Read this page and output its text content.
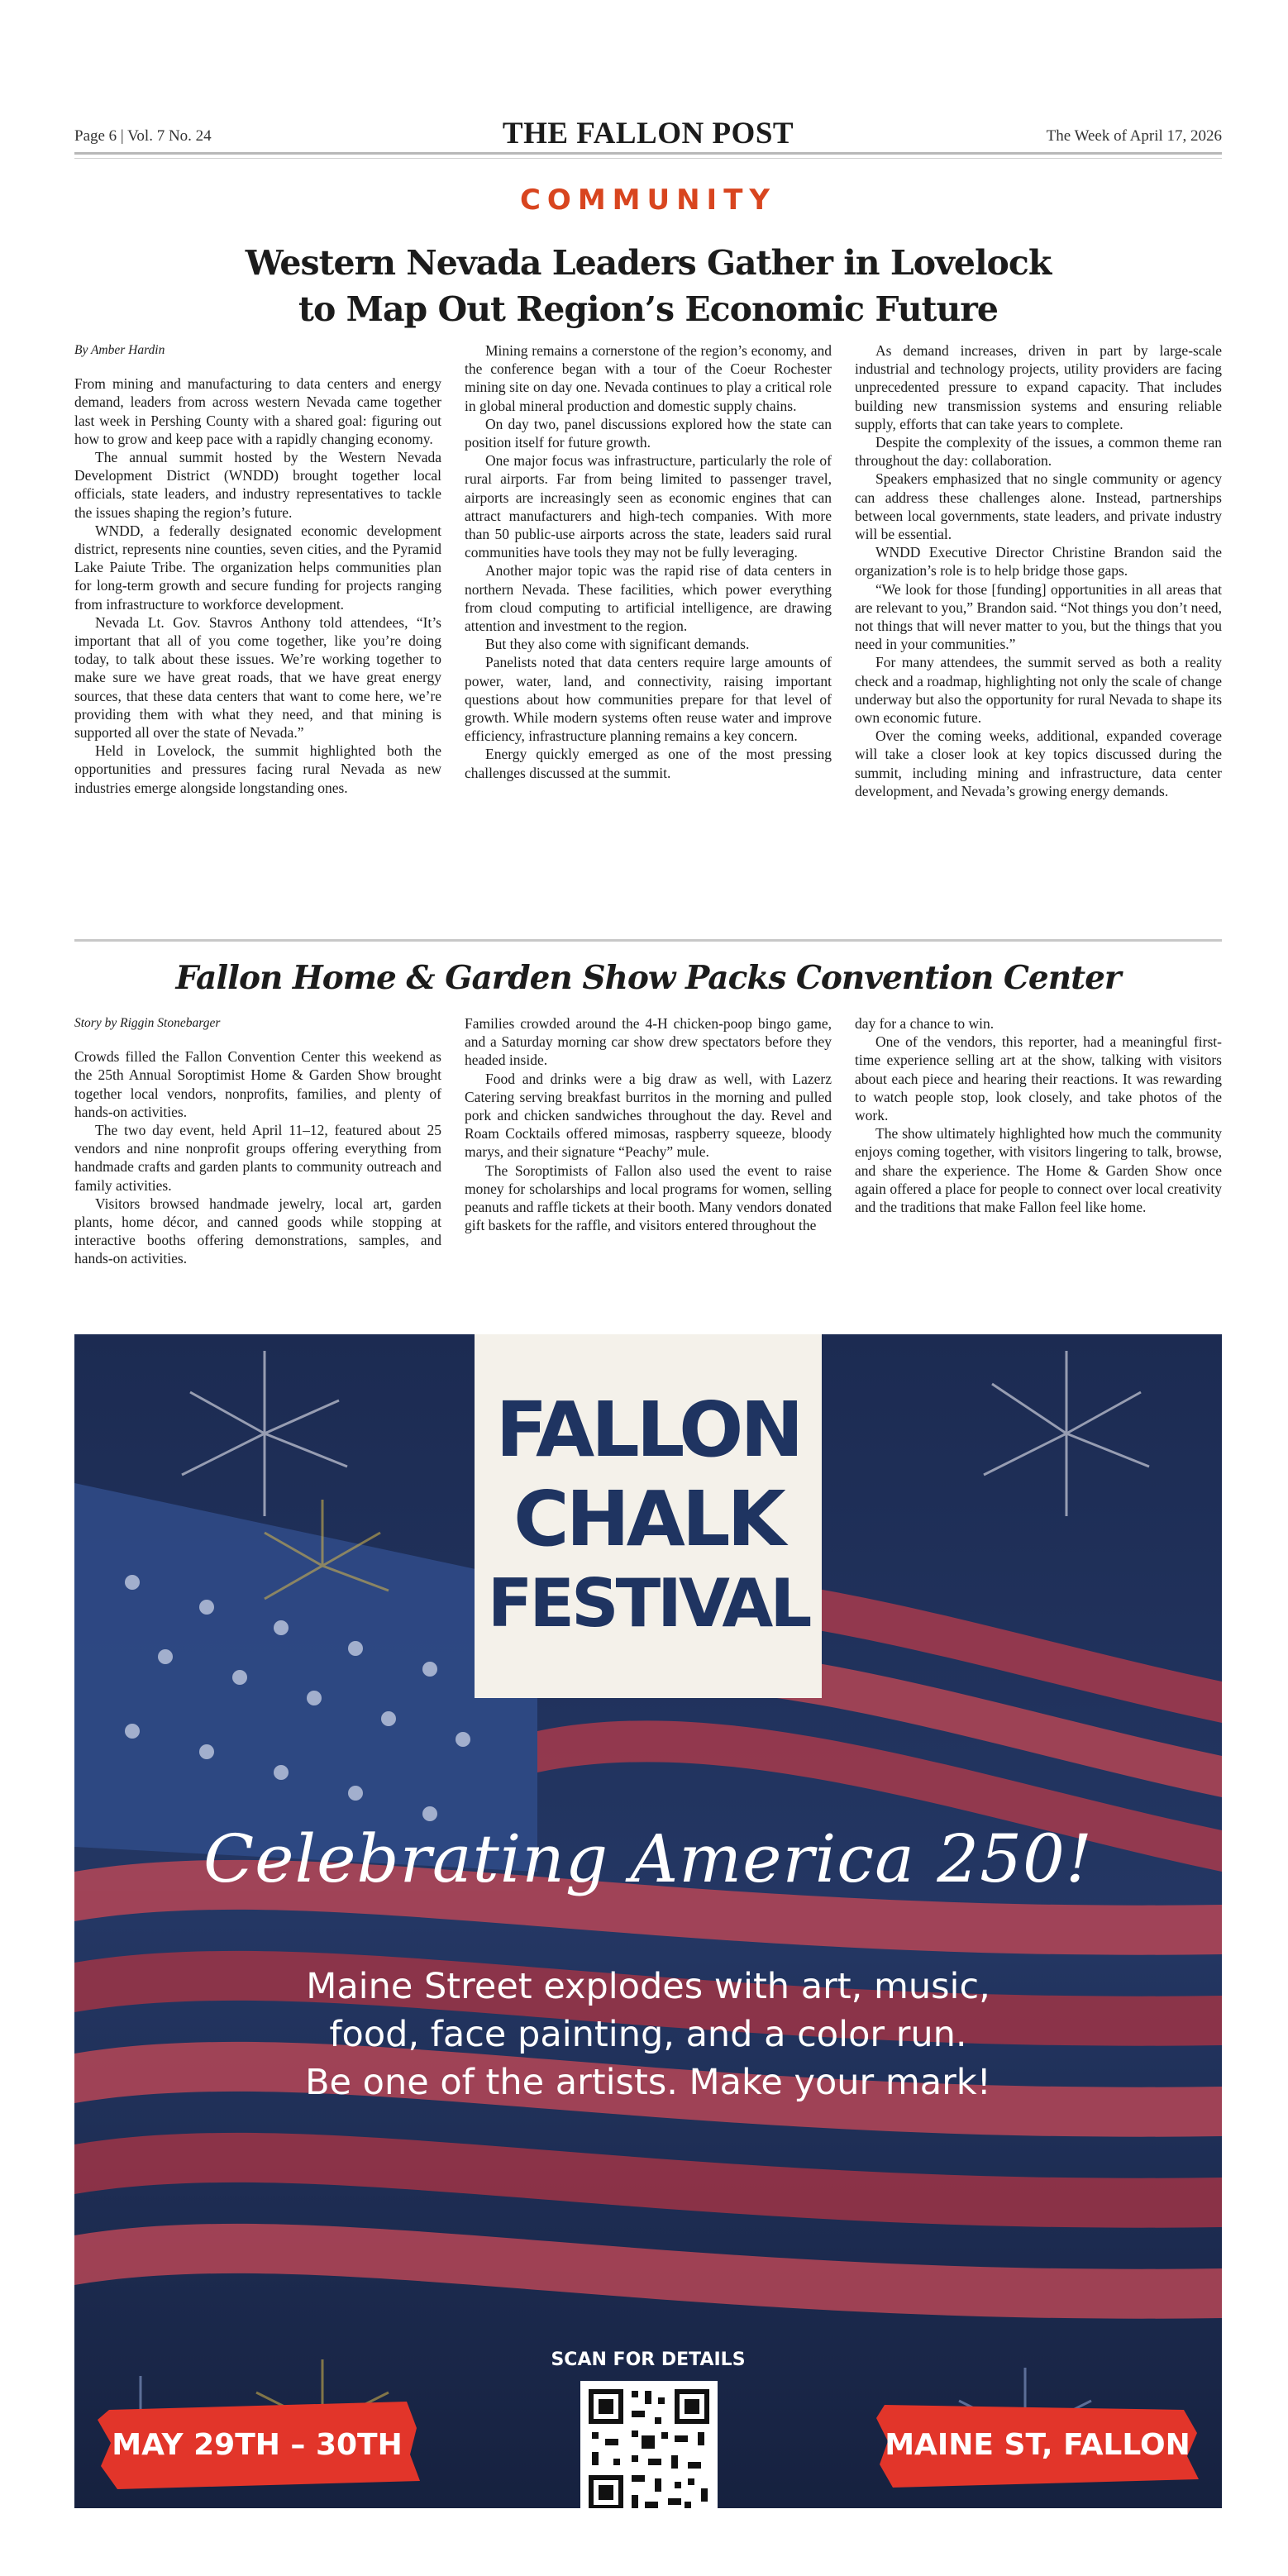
Page 6 | Vol. 7 No. 24	THE FALLON POST	The Week of April 17, 2026
COMMUNITY
Western Nevada Leaders Gather in Lovelock
to Map Out Region’s Economic Future

By Amber Hardin

From mining and manufacturing to data centers and energy demand, leaders from across western Nevada came together last week in Pershing County with a shared goal: figuring out how to grow and keep pace with a rapidly changing economy.

The annual summit hosted by the Western Nevada Development District (WNDD) brought together local officials, state leaders, and industry representatives to tackle the issues shaping the region’s future.

WNDD, a federally designated economic development district, represents nine counties, seven cities, and the Pyramid Lake Paiute Tribe. The organization helps communities plan for long-term growth and secure funding for projects ranging from infrastructure to workforce development.

Nevada Lt. Gov. Stavros Anthony told attendees, “It’s important that all of you come together, like you’re doing today, to talk about these issues. We’re working together to make sure we have great roads, that we have great energy sources, that these data centers that want to come here, we’re providing them with what they need, and that mining is supported all over the state of Nevada.”

Held in Lovelock, the summit highlighted both the opportunities and pressures facing rural Nevada as new industries emerge alongside longstanding ones.

Mining remains a cornerstone of the region’s economy, and the conference began with a tour of the Coeur Rochester mining site on day one. Nevada continues to play a critical role in global mineral production and domestic supply chains.

On day two, panel discussions explored how the state can position itself for future growth.

One major focus was infrastructure, particularly the role of rural airports. Far from being limited to passenger travel, airports are increasingly seen as economic engines that can attract manufacturers and high-tech companies. With more than 50 public-use airports across the state, leaders said rural communities have tools they may not be fully leveraging.

Another major topic was the rapid rise of data centers in northern Nevada. These facilities, which power everything from cloud computing to artificial intelligence, are drawing attention and investment to the region.

But they also come with significant demands.

Panelists noted that data centers require large amounts of power, water, land, and connectivity, raising important questions about how communities prepare for that level of growth. While modern systems often reuse water and improve efficiency, infrastructure planning remains a key concern.

Energy quickly emerged as one of the most pressing challenges discussed at the summit.

As demand increases, driven in part by large-scale industrial and technology projects, utility providers are facing unprecedented pressure to expand capacity. That includes building new transmission systems and ensuring reliable supply, efforts that can take years to complete.

Despite the complexity of the issues, a common theme ran throughout the day: collaboration.

Speakers emphasized that no single community or agency can address these challenges alone. Instead, partnerships between local governments, state leaders, and private industry will be essential.

WNDD Executive Director Christine Brandon said the organization’s role is to help bridge those gaps.

“We look for those [funding] opportunities in all areas that are relevant to you,” Brandon said. “Not things you don’t need, not things that will never matter to you, but the things that you need in your communities.”

For many attendees, the summit served as both a reality check and a roadmap, highlighting not only the scale of change underway but also the opportunity for rural Nevada to shape its own economic future.

Over the coming weeks, additional, expanded coverage will take a closer look at key topics discussed during the summit, including mining and infrastructure, data center development, and Nevada’s growing energy demands.

Fallon Home & Garden Show Packs Convention Center

Story by Riggin Stonebarger

Crowds filled the Fallon Convention Center this weekend as the 25th Annual Soroptimist Home & Garden Show brought together local vendors, nonprofits, families, and plenty of hands-on activities.

The two day event, held April 11–12, featured about 25 vendors and nine nonprofit groups offering everything from handmade crafts and garden plants to community outreach and family activities.

Visitors browsed handmade jewelry, local art, garden plants, home décor, and canned goods while stopping at interactive booths offering demonstrations, samples, and hands-on activities.

Families crowded around the 4-H chicken-poop bingo game, and a Saturday morning car show drew spectators before they headed inside.

Food and drinks were a big draw as well, with Lazerz Catering serving breakfast burritos in the morning and pulled pork and chicken sandwiches throughout the day. Revel and Roam Cocktails offered mimosas, raspberry squeeze, bloody marys, and their signature “Peachy” mule.

The Soroptimists of Fallon also used the event to raise money for scholarships and local programs for women, selling peanuts and raffle tickets at their booth. Many vendors donated gift baskets for the raffle, and visitors entered throughout the

day for a chance to win.

One of the vendors, this reporter, had a meaningful first-time experience selling art at the show, talking with visitors about each piece and hearing their reactions. It was rewarding to watch people stop, look closely, and take photos of the work.

The show ultimately highlighted how much the community enjoys coming together, with visitors lingering to talk, browse, and share the experience. The Home & Garden Show once again offered a place for people to connect over local creativity and the traditions that make Fallon feel like home.

FALLON
CHALK
FESTIVAL
Celebrating America 250!
Maine Street explodes with art, music,
food, face painting, and a color run.
Be one of the artists. Make your mark!
SCAN FOR DETAILS
MAY 29TH – 30TH	MAINE ST, FALLON
